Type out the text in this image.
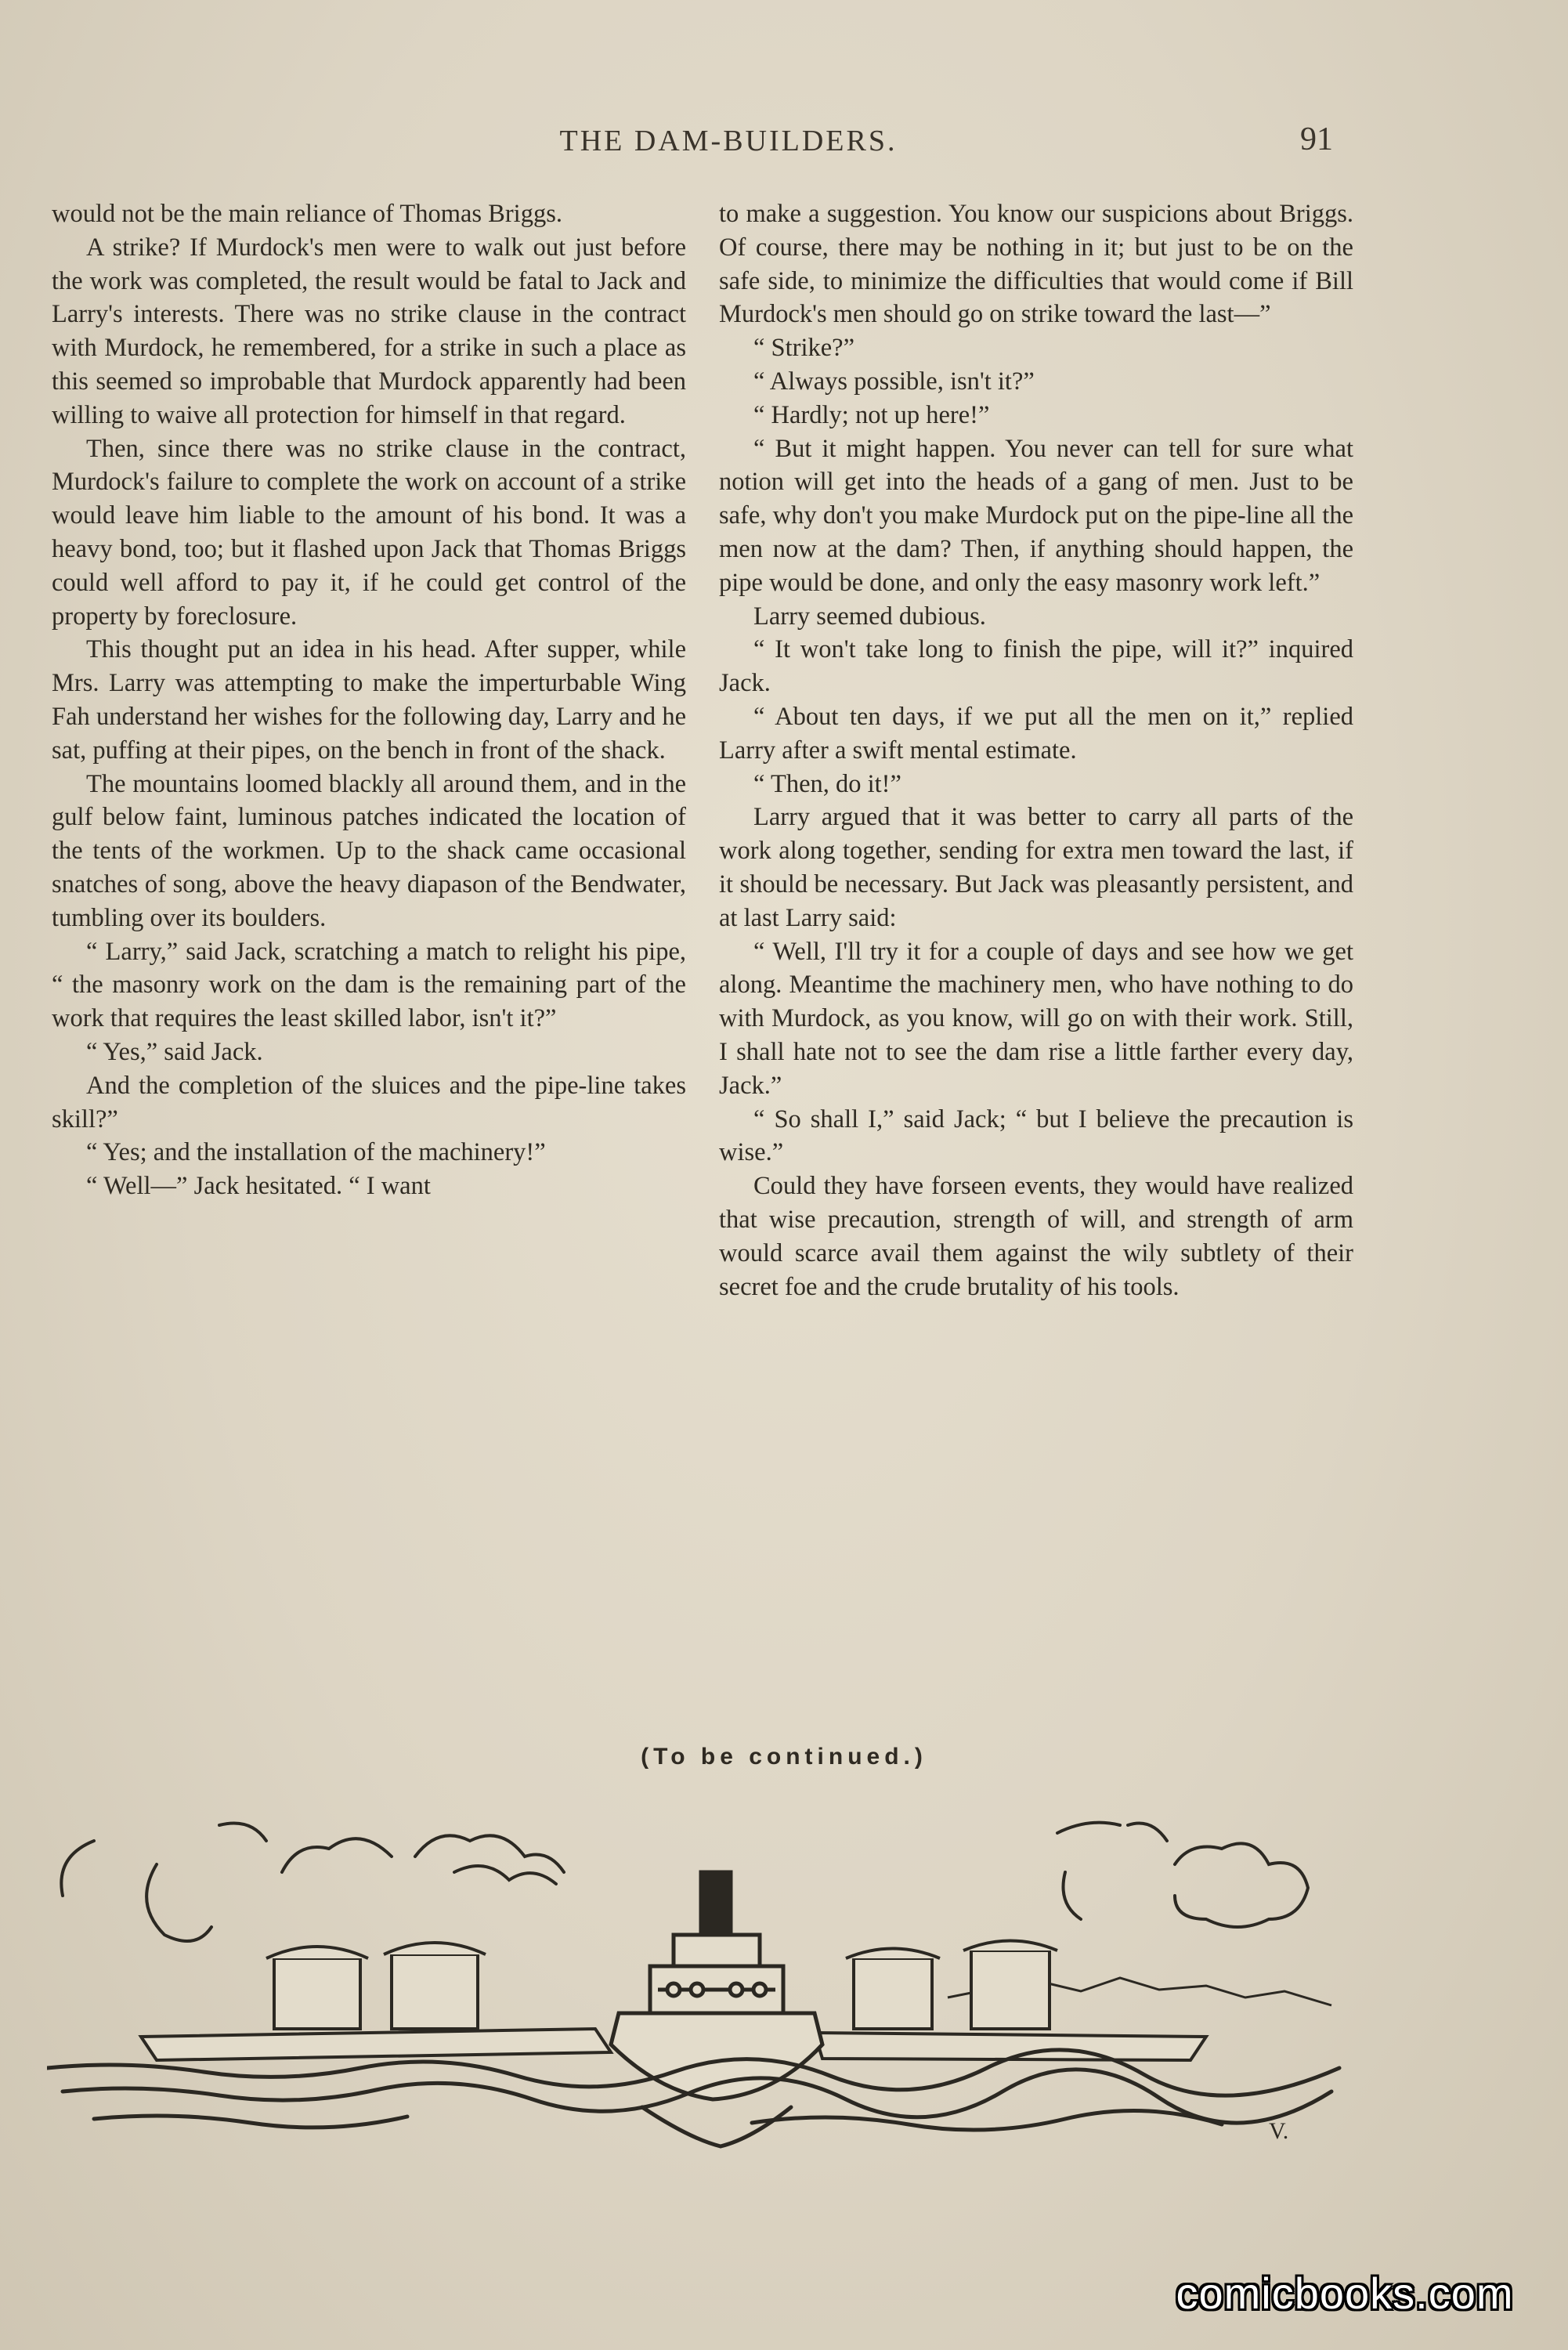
THE DAM-BUILDERS.	91

would not be the main reliance of Thomas Briggs.

A strike? If Murdock's men were to walk out just before the work was completed, the result would be fatal to Jack and Larry's interests. There was no strike clause in the contract with Murdock, he remembered, for a strike in such a place as this seemed so improbable that Murdock apparently had been willing to waive all protection for himself in that regard.

Then, since there was no strike clause in the contract, Murdock's failure to complete the work on account of a strike would leave him liable to the amount of his bond. It was a heavy bond, too; but it flashed upon Jack that Thomas Briggs could well afford to pay it, if he could get control of the property by foreclosure.

This thought put an idea in his head. After supper, while Mrs. Larry was attempting to make the imperturbable Wing Fah understand her wishes for the following day, Larry and he sat, puffing at their pipes, on the bench in front of the shack.

The mountains loomed blackly all around them, and in the gulf below faint, luminous patches indicated the location of the tents of the workmen. Up to the shack came occasional snatches of song, above the heavy diapason of the Bendwater, tumbling over its boulders.

“ Larry,” said Jack, scratching a match to relight his pipe, “ the masonry work on the dam is the remaining part of the work that requires the least skilled labor, isn't it?”

“ Yes,” said Jack.

And the completion of the sluices and the pipe-line takes skill?”

“ Yes; and the installation of the machinery!”

“ Well—” Jack hesitated. “ I want

to make a suggestion. You know our suspicions about Briggs. Of course, there may be nothing in it; but just to be on the safe side, to minimize the difficulties that would come if Bill Murdock's men should go on strike toward the last—”

“ Strike?”

“ Always possible, isn't it?”

“ Hardly; not up here!”

“ But it might happen. You never can tell for sure what notion will get into the heads of a gang of men. Just to be safe, why don't you make Murdock put on the pipe-line all the men now at the dam? Then, if anything should happen, the pipe would be done, and only the easy masonry work left.”

Larry seemed dubious.

“ It won't take long to finish the pipe, will it?” inquired Jack.

“ About ten days, if we put all the men on it,” replied Larry after a swift mental estimate.

“ Then, do it!”

Larry argued that it was better to carry all parts of the work along together, sending for extra men toward the last, if it should be necessary. But Jack was pleasantly persistent, and at last Larry said:

“ Well, I'll try it for a couple of days and see how we get along. Meantime the machinery men, who have nothing to do with Murdock, as you know, will go on with their work. Still, I shall hate not to see the dam rise a little farther every day, Jack.”

“ So shall I,” said Jack; “ but I believe the precaution is wise.”

Could they have forseen events, they would have realized that wise precaution, strength of will, and strength of arm would scarce avail them against the wily subtlety of their secret foe and the crude brutality of his tools.

(To be continued.)
V.
comicbooks.com
